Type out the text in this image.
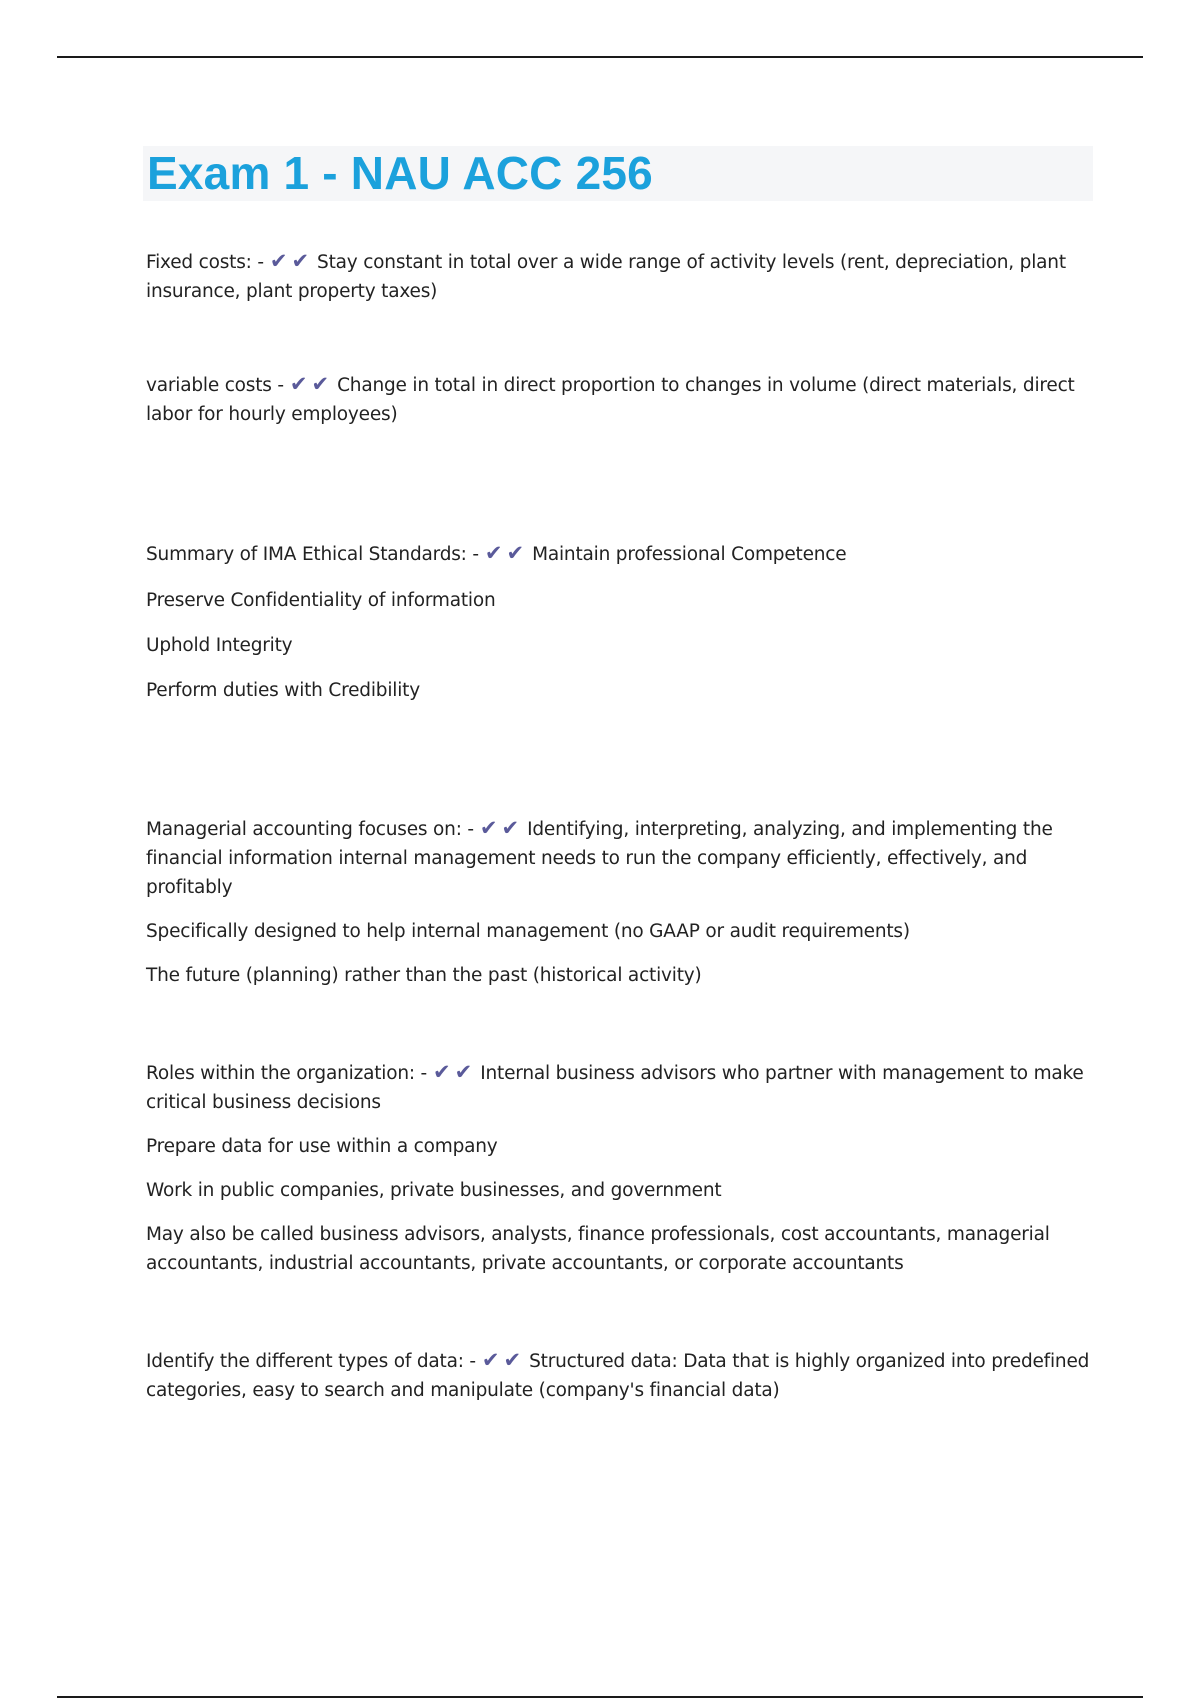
Exam 1 - NAU ACC 256
Fixed costs: - ✔✔ Stay constant in total over a wide range of activity levels (rent, depreciation, plant
insurance, plant property taxes)
variable costs - ✔✔ Change in total in direct proportion to changes in volume (direct materials, direct
labor for hourly employees)
Summary of IMA Ethical Standards: - ✔✔ Maintain professional Competence
Preserve Confidentiality of information
Uphold Integrity
Perform duties with Credibility
Managerial accounting focuses on: - ✔✔ Identifying, interpreting, analyzing, and implementing the
financial information internal management needs to run the company efficiently, effectively, and
profitably
Specifically designed to help internal management (no GAAP or audit requirements)
The future (planning) rather than the past (historical activity)
Roles within the organization: - ✔✔ Internal business advisors who partner with management to make
critical business decisions
Prepare data for use within a company
Work in public companies, private businesses, and government
May also be called business advisors, analysts, finance professionals, cost accountants, managerial
accountants, industrial accountants, private accountants, or corporate accountants
Identify the different types of data: - ✔✔ Structured data: Data that is highly organized into predefined
categories, easy to search and manipulate (company's financial data)
